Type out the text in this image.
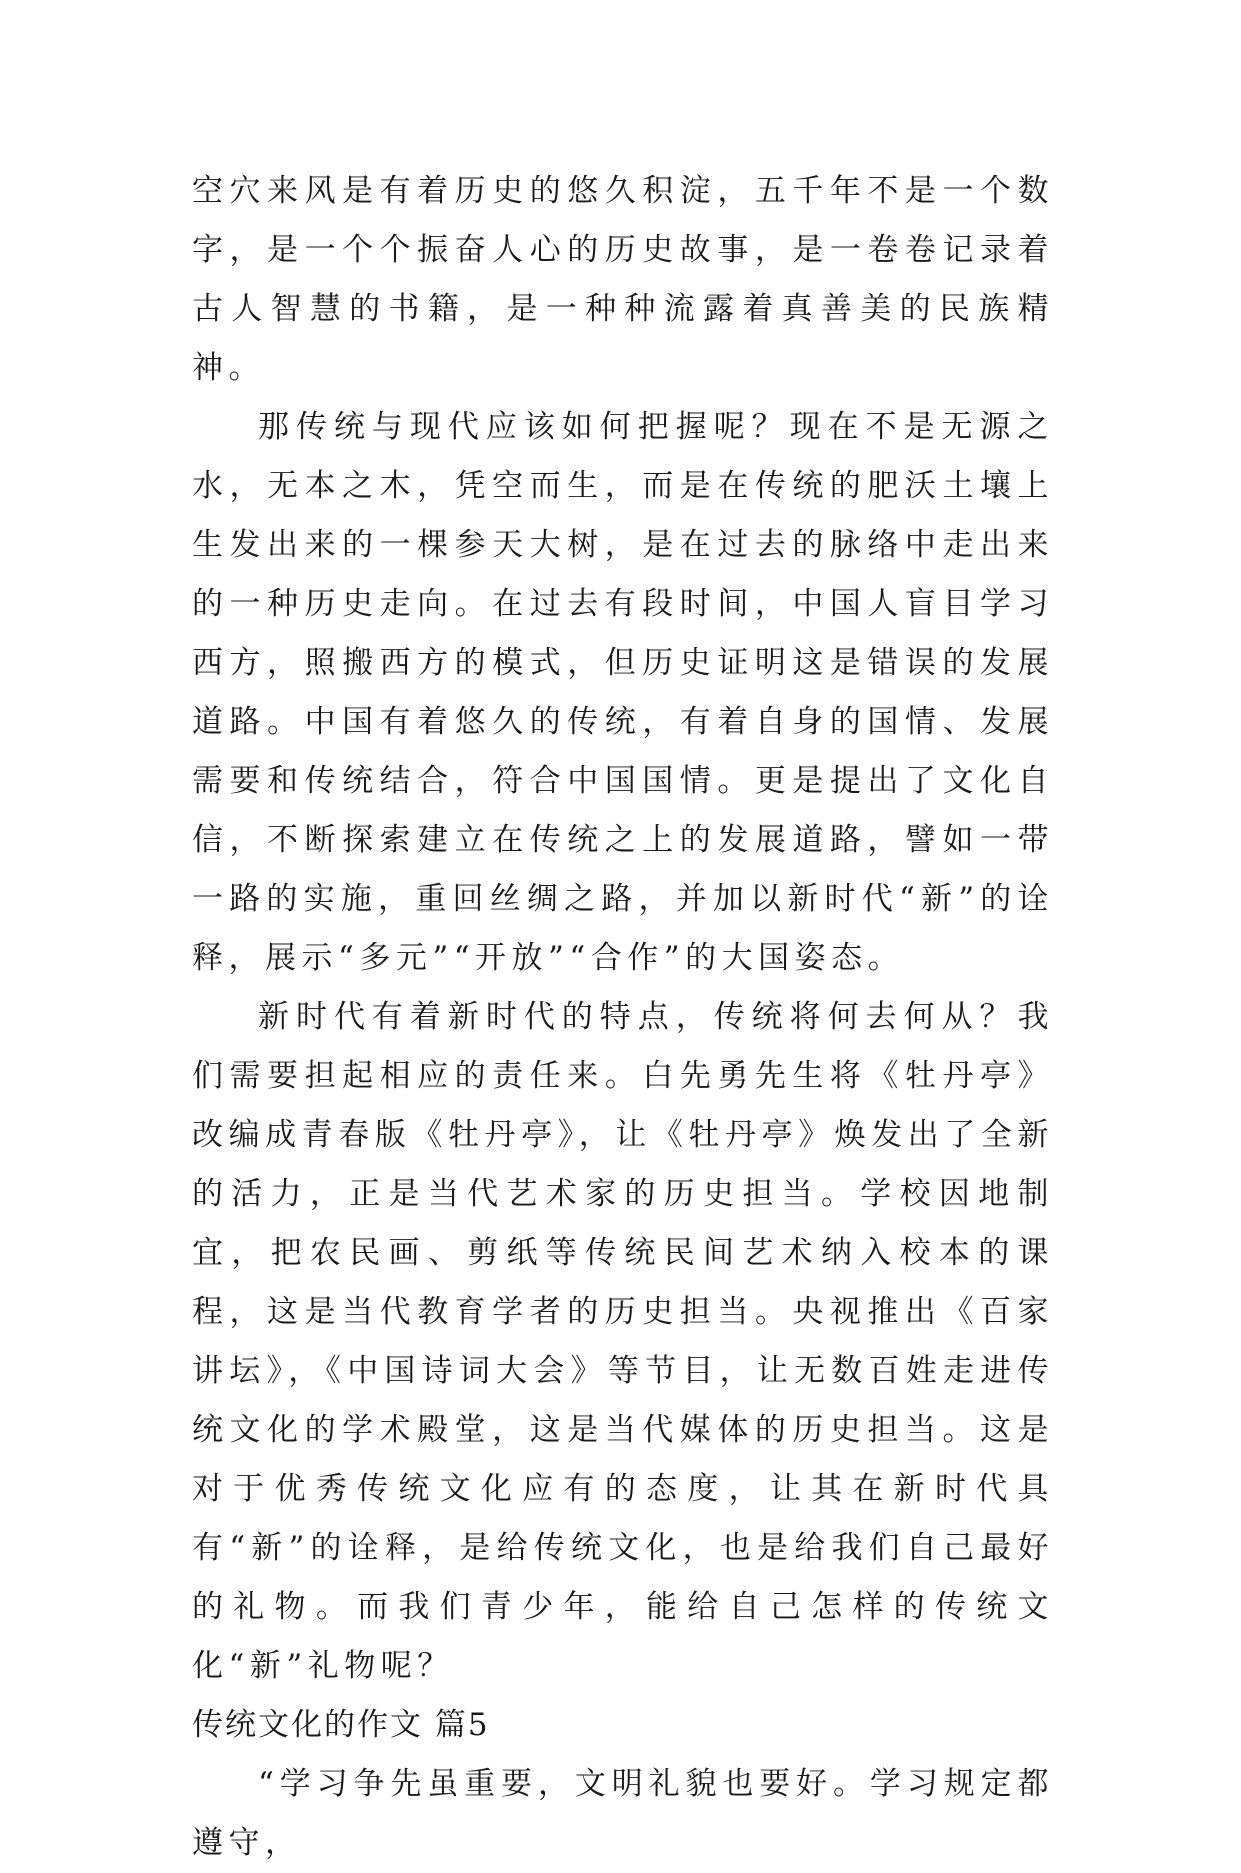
空穴来风是有着历史的悠久积淀，五千年不是一个数字，是一个个振奋人心的历史故事，是一卷卷记录着古人智慧的书籍，是一种种流露着真善美的民族精神。

那传统与现代应该如何把握呢？现在不是无源之水，无本之木，凭空而生，而是在传统的肥沃土壤上生发出来的一棵参天大树，是在过去的脉络中走出来的一种历史走向。在过去有段时间，中国人盲目学习西方，照搬西方的模式，但历史证明这是错误的发展道路。中国有着悠久的传统，有着自身的国情、发展需要和传统结合，符合中国国情。更是提出了文化自信，不断探索建立在传统之上的发展道路，譬如一带一路的实施，重回丝绸之路，并加以新时代“新”的诠释，展示“多元”“开放”“合作”的大国姿态。

新时代有着新时代的特点，传统将何去何从？我们需要担起相应的责任来。白先勇先生将《牡丹亭》改编成青春版《牡丹亭》，让《牡丹亭》焕发出了全新的活力，正是当代艺术家的历史担当。学校因地制宜，把农民画、剪纸等传统民间艺术纳入校本的课程，这是当代教育学者的历史担当。央视推出《百家讲坛》，《中国诗词大会》等节目，让无数百姓走进传统文化的学术殿堂，这是当代媒体的历史担当。这是对于优秀传统文化应有的态度，让其在新时代具有“新”的诠释，是给传统文化，也是给我们自己最好的礼物。而我们青少年，能给自己怎样的传统文化“新”礼物呢？

传统文化的作文 篇5

“学习争先虽重要，文明礼貌也要好。学习规定都遵守，
